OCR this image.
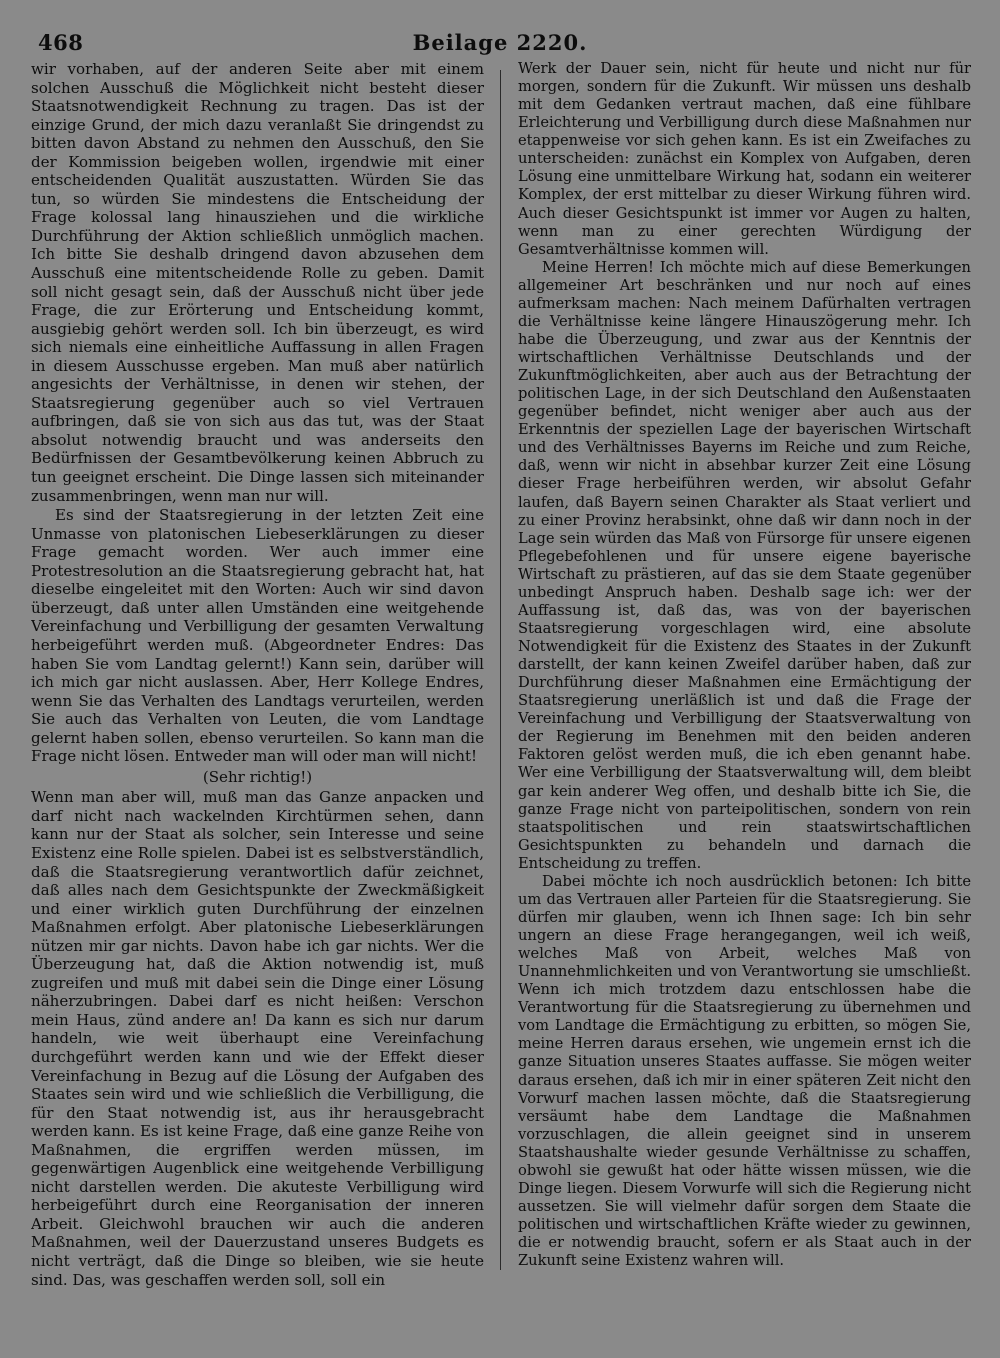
468	Beilage 2220.

wir vorhaben, auf der anderen Seite aber mit einem solchen Ausschuß die Möglichkeit nicht besteht dieser Staatsnotwendigkeit Rechnung zu tragen. Das ist der einzige Grund, der mich dazu veranlaßt Sie dringendst zu bitten davon Abstand zu nehmen den Ausschuß, den Sie der Kommission beigeben wollen, irgendwie mit einer entscheidenden Qualität auszustatten. Würden Sie das tun, so würden Sie mindestens die Entscheidung der Frage kolossal lang hinausziehen und die wirkliche Durchführung der Aktion schließlich unmöglich machen. Ich bitte Sie deshalb dringend davon abzusehen dem Ausschuß eine mitentscheidende Rolle zu geben. Damit soll nicht gesagt sein, daß der Ausschuß nicht über jede Frage, die zur Erörterung und Entscheidung kommt, ausgiebig gehört werden soll. Ich bin überzeugt, es wird sich niemals eine einheitliche Auffassung in allen Fragen in diesem Ausschusse ergeben. Man muß aber natürlich angesichts der Verhältnisse, in denen wir stehen, der Staatsregierung gegenüber auch so viel Vertrauen aufbringen, daß sie von sich aus das tut, was der Staat absolut notwendig braucht und was anderseits den Bedürfnissen der Gesamtbevölkerung keinen Abbruch zu tun geeignet erscheint. Die Dinge lassen sich miteinander zusammenbringen, wenn man nur will.

Es sind der Staatsregierung in der letzten Zeit eine Unmasse von platonischen Liebeserklärungen zu dieser Frage gemacht worden. Wer auch immer eine Protestresolution an die Staatsregierung gebracht hat, hat dieselbe eingeleitet mit den Worten: Auch wir sind davon überzeugt, daß unter allen Umständen eine weitgehende Vereinfachung und Verbilligung der gesamten Verwaltung herbeigeführt werden muß. (Abgeordneter Endres: Das haben Sie vom Landtag gelernt!) Kann sein, darüber will ich mich gar nicht auslassen. Aber, Herr Kollege Endres, wenn Sie das Verhalten des Landtags verurteilen, werden Sie auch das Verhalten von Leuten, die vom Landtage gelernt haben sollen, ebenso verurteilen. So kann man die Frage nicht lösen. Entweder man will oder man will nicht!

(Sehr richtig!)

Wenn man aber will, muß man das Ganze anpacken und darf nicht nach wackelnden Kirchtürmen sehen, dann kann nur der Staat als solcher, sein Interesse und seine Existenz eine Rolle spielen. Dabei ist es selbstverständlich, daß die Staatsregierung verantwortlich dafür zeichnet, daß alles nach dem Gesichtspunkte der Zweckmäßigkeit und einer wirklich guten Durchführung der einzelnen Maßnahmen erfolgt. Aber platonische Liebeserklärungen nützen mir gar nichts. Davon habe ich gar nichts. Wer die Überzeugung hat, daß die Aktion notwendig ist, muß zugreifen und muß mit dabei sein die Dinge einer Lösung näherzubringen. Dabei darf es nicht heißen: Verschon mein Haus, zünd andere an! Da kann es sich nur darum handeln, wie weit überhaupt eine Vereinfachung durchgeführt werden kann und wie der Effekt dieser Vereinfachung in Bezug auf die Lösung der Aufgaben des Staates sein wird und wie schließlich die Verbilligung, die für den Staat notwendig ist, aus ihr herausgebracht werden kann. Es ist keine Frage, daß eine ganze Reihe von Maßnahmen, die ergriffen werden müssen, im gegenwärtigen Augenblick eine weitgehende Verbilligung nicht darstellen werden. Die akuteste Verbilligung wird herbeigeführt durch eine Reorganisation der inneren Arbeit. Gleichwohl brauchen wir auch die anderen Maßnahmen, weil der Dauerzustand unseres Budgets es nicht verträgt, daß die Dinge so bleiben, wie sie heute sind. Das, was geschaffen werden soll, soll ein

Werk der Dauer sein, nicht für heute und nicht nur für morgen, sondern für die Zukunft. Wir müssen uns deshalb mit dem Gedanken vertraut machen, daß eine fühlbare Erleichterung und Verbilligung durch diese Maßnahmen nur etappenweise vor sich gehen kann. Es ist ein Zweifaches zu unterscheiden: zunächst ein Komplex von Aufgaben, deren Lösung eine unmittelbare Wirkung hat, sodann ein weiterer Komplex, der erst mittelbar zu dieser Wirkung führen wird. Auch dieser Gesichtspunkt ist immer vor Augen zu halten, wenn man zu einer gerechten Würdigung der Gesamtverhältnisse kommen will.

Meine Herren! Ich möchte mich auf diese Bemerkungen allgemeiner Art beschränken und nur noch auf eines aufmerksam machen: Nach meinem Dafürhalten vertragen die Verhältnisse keine längere Hinauszögerung mehr. Ich habe die Überzeugung, und zwar aus der Kenntnis der wirtschaftlichen Verhältnisse Deutschlands und der Zukunftmöglichkeiten, aber auch aus der Betrachtung der politischen Lage, in der sich Deutschland den Außenstaaten gegenüber befindet, nicht weniger aber auch aus der Erkenntnis der speziellen Lage der bayerischen Wirtschaft und des Verhältnisses Bayerns im Reiche und zum Reiche, daß, wenn wir nicht in absehbar kurzer Zeit eine Lösung dieser Frage herbeiführen werden, wir absolut Gefahr laufen, daß Bayern seinen Charakter als Staat verliert und zu einer Provinz herabsinkt, ohne daß wir dann noch in der Lage sein würden das Maß von Fürsorge für unsere eigenen Pflegebefohlenen und für unsere eigene bayerische Wirtschaft zu prästieren, auf das sie dem Staate gegenüber unbedingt Anspruch haben. Deshalb sage ich: wer der Auffassung ist, daß das, was von der bayerischen Staatsregierung vorgeschlagen wird, eine absolute Notwendigkeit für die Existenz des Staates in der Zukunft darstellt, der kann keinen Zweifel darüber haben, daß zur Durchführung dieser Maßnahmen eine Ermächtigung der Staatsregierung unerläßlich ist und daß die Frage der Vereinfachung und Verbilligung der Staatsverwaltung von der Regierung im Benehmen mit den beiden anderen Faktoren gelöst werden muß, die ich eben genannt habe. Wer eine Verbilligung der Staatsverwaltung will, dem bleibt gar kein anderer Weg offen, und deshalb bitte ich Sie, die ganze Frage nicht von parteipolitischen, sondern von rein staatspolitischen und rein staatswirtschaftlichen Gesichtspunkten zu behandeln und darnach die Entscheidung zu treffen.

Dabei möchte ich noch ausdrücklich betonen: Ich bitte um das Vertrauen aller Parteien für die Staatsregierung. Sie dürfen mir glauben, wenn ich Ihnen sage: Ich bin sehr ungern an diese Frage herangegangen, weil ich weiß, welches Maß von Arbeit, welches Maß von Unannehmlichkeiten und von Verantwortung sie umschließt. Wenn ich mich trotzdem dazu entschlossen habe die Verantwortung für die Staatsregierung zu übernehmen und vom Landtage die Ermächtigung zu erbitten, so mögen Sie, meine Herren daraus ersehen, wie ungemein ernst ich die ganze Situation unseres Staates auffasse. Sie mögen weiter daraus ersehen, daß ich mir in einer späteren Zeit nicht den Vorwurf machen lassen möchte, daß die Staatsregierung versäumt habe dem Landtage die Maßnahmen vorzuschlagen, die allein geeignet sind in unserem Staatshaushalte wieder gesunde Verhältnisse zu schaffen, obwohl sie gewußt hat oder hätte wissen müssen, wie die Dinge liegen. Diesem Vorwurfe will sich die Regierung nicht aussetzen. Sie will vielmehr dafür sorgen dem Staate die politischen und wirtschaftlichen Kräfte wieder zu gewinnen, die er notwendig braucht, sofern er als Staat auch in der Zukunft seine Existenz wahren will.
